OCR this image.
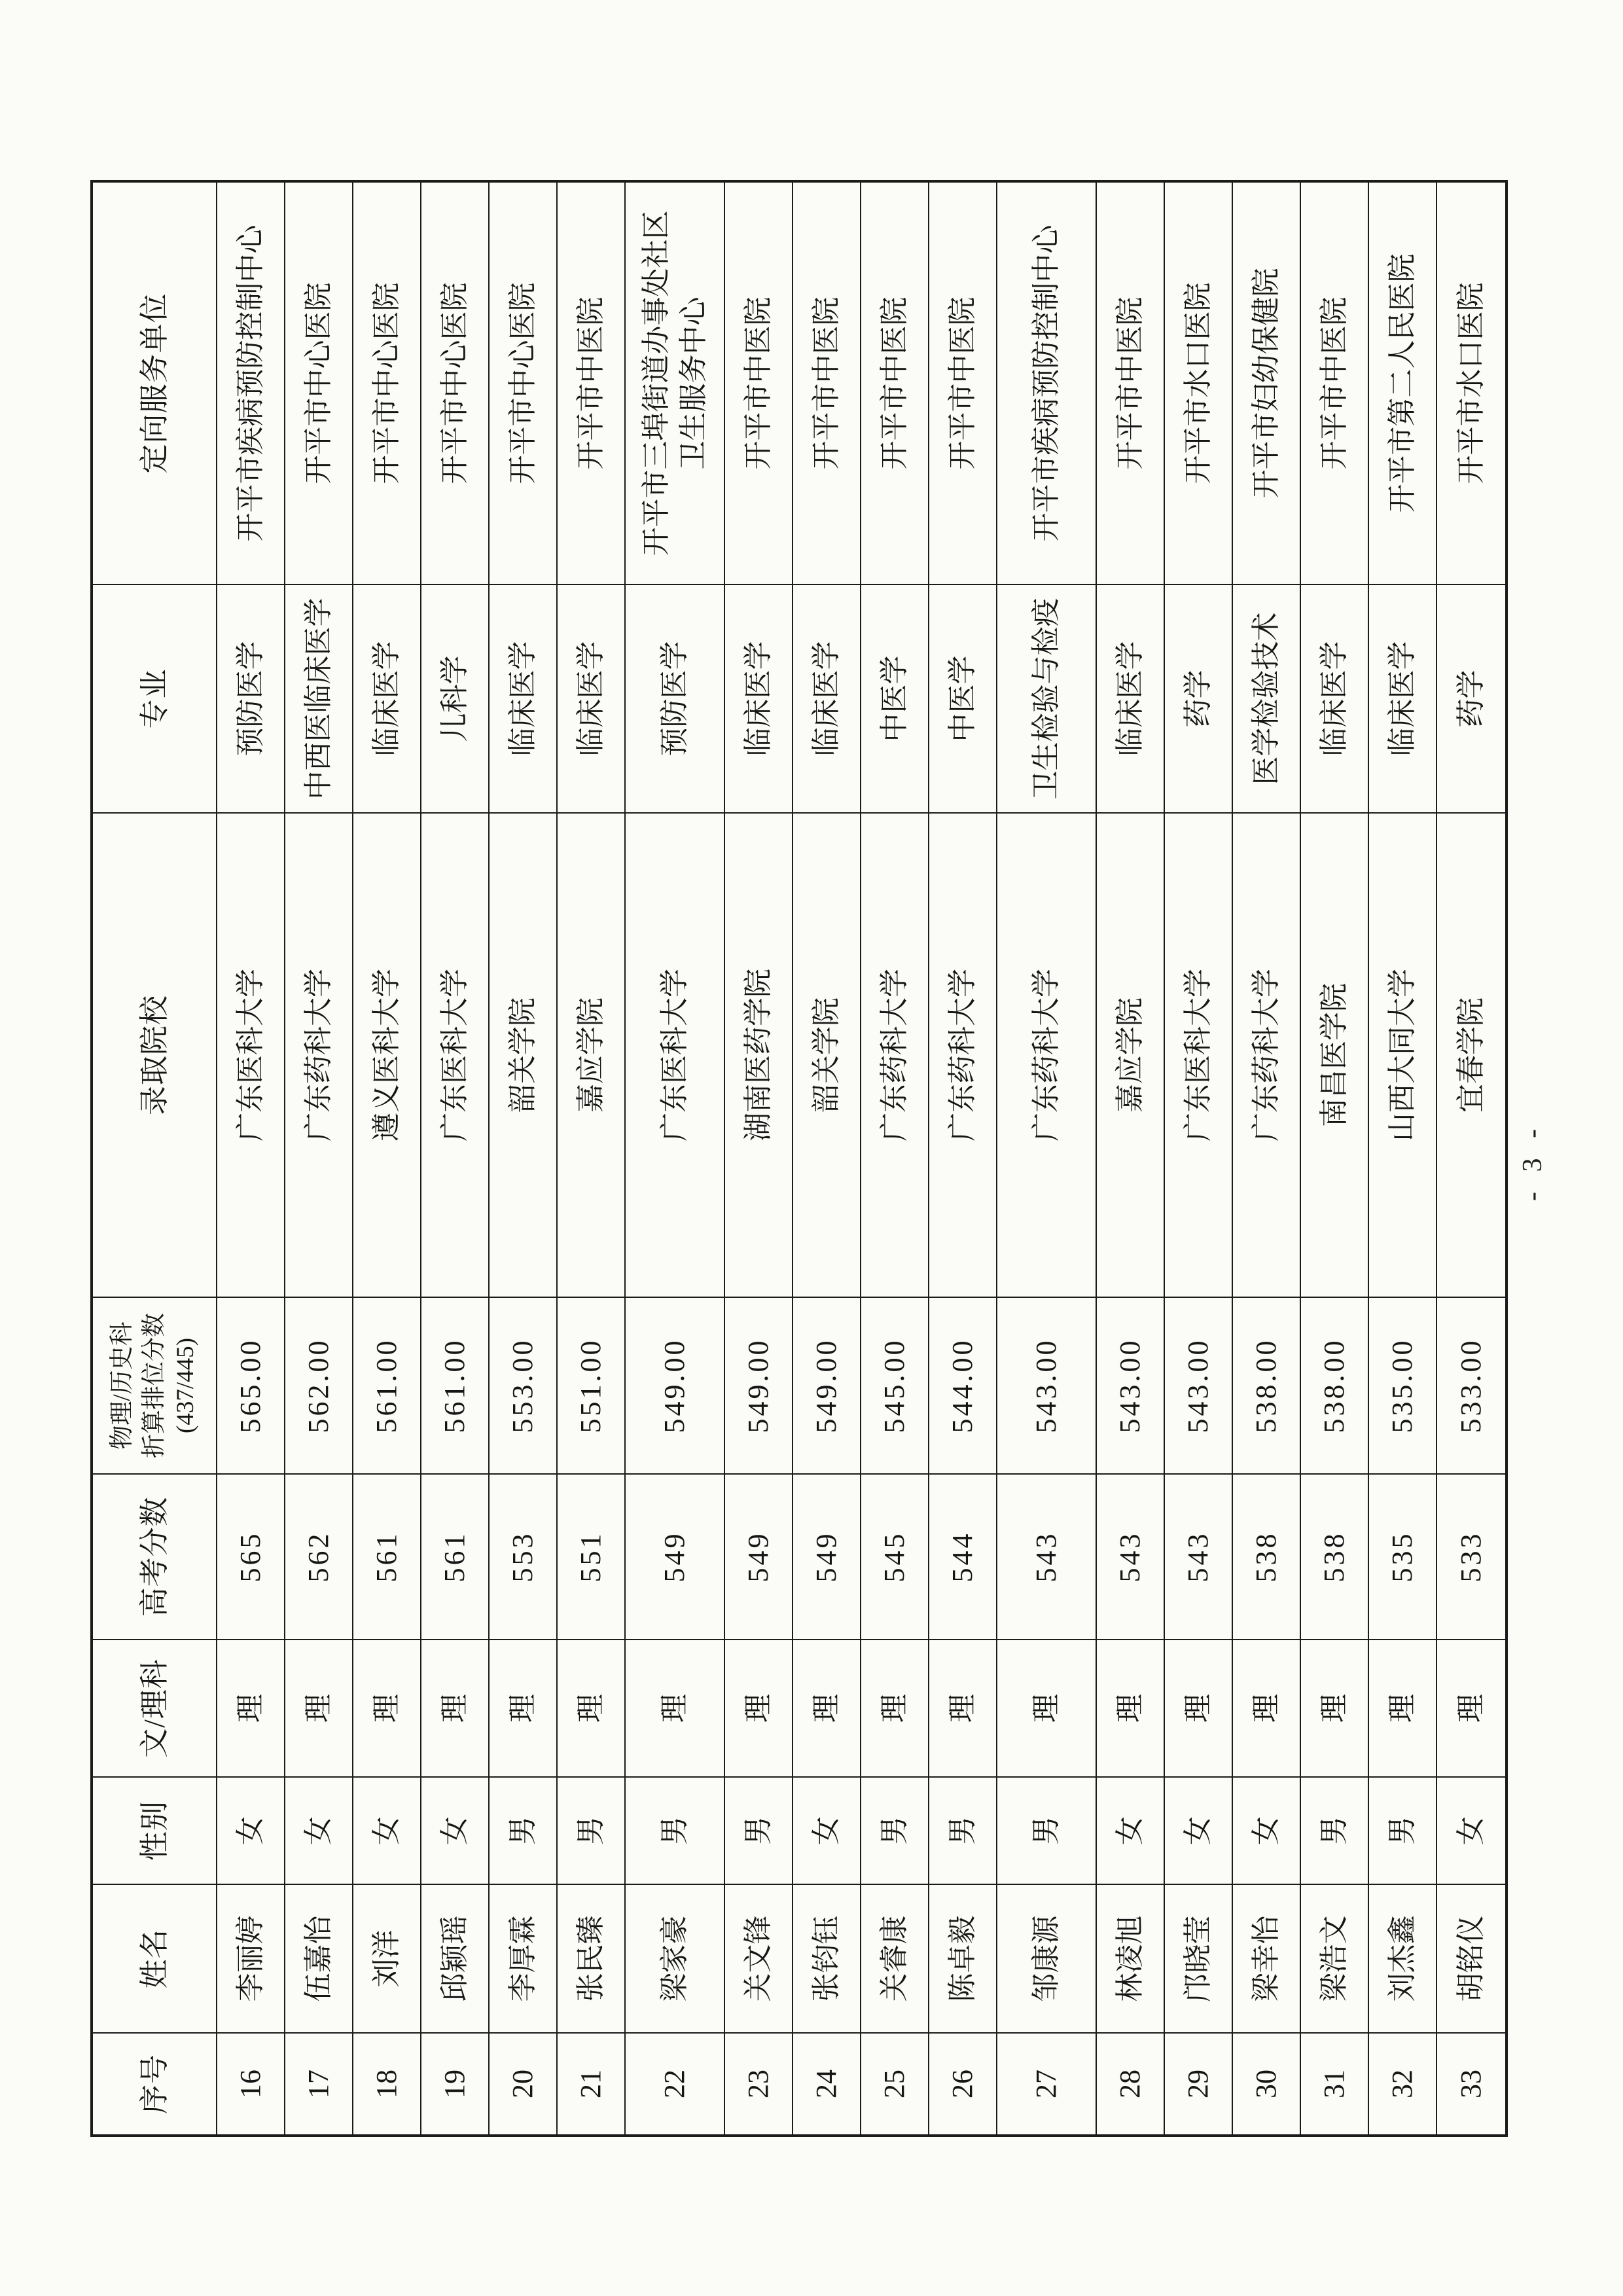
序号
姓名
性别
文/理科
高考分数
物理/历史科 折算排位分数 (437/445)
录取院校
专业
定向服务单位
16
李丽婷
女
理
565
565.00
广东医科大学
预防医学
开平市疾病预防控制中心
17
伍嘉怡
女
理
562
562.00
广东药科大学
中西医临床医学
开平市中心医院
18
刘洋
女
理
561
561.00
遵义医科大学
临床医学
开平市中心医院
19
邱颖瑶
女
理
561
561.00
广东医科大学
儿科学
开平市中心医院
20
李厚霖
男
理
553
553.00
韶关学院
临床医学
开平市中心医院
21
张民臻
男
理
551
551.00
嘉应学院
临床医学
开平市中医院
22
梁家豪
男
理
549
549.00
广东医科大学
预防医学
开平市三埠街道办事处社区 卫生服务中心
23
关文锋
男
理
549
549.00
湖南医药学院
临床医学
开平市中医院
24
张钧钰
女
理
549
549.00
韶关学院
临床医学
开平市中医院
25
关睿康
男
理
545
545.00
广东药科大学
中医学
开平市中医院
26
陈卓毅
男
理
544
544.00
广东药科大学
中医学
开平市中医院
27
邹康源
男
理
543
543.00
广东药科大学
卫生检验与检疫
开平市疾病预防控制中心
28
林凌旭
女
理
543
543.00
嘉应学院
临床医学
开平市中医院
29
邝晓莹
女
理
543
543.00
广东医科大学
药学
开平市水口医院
30
梁幸怡
女
理
538
538.00
广东药科大学
医学检验技术
开平市妇幼保健院
31
梁浩文
男
理
538
538.00
南昌医学院
临床医学
开平市中医院
32
刘杰鑫
男
理
535
535.00
山西大同大学
临床医学
开平市第二人民医院
33
胡铭仪
女
理
533
533.00
宜春学院
药学
开平市水口医院
- 3 -
